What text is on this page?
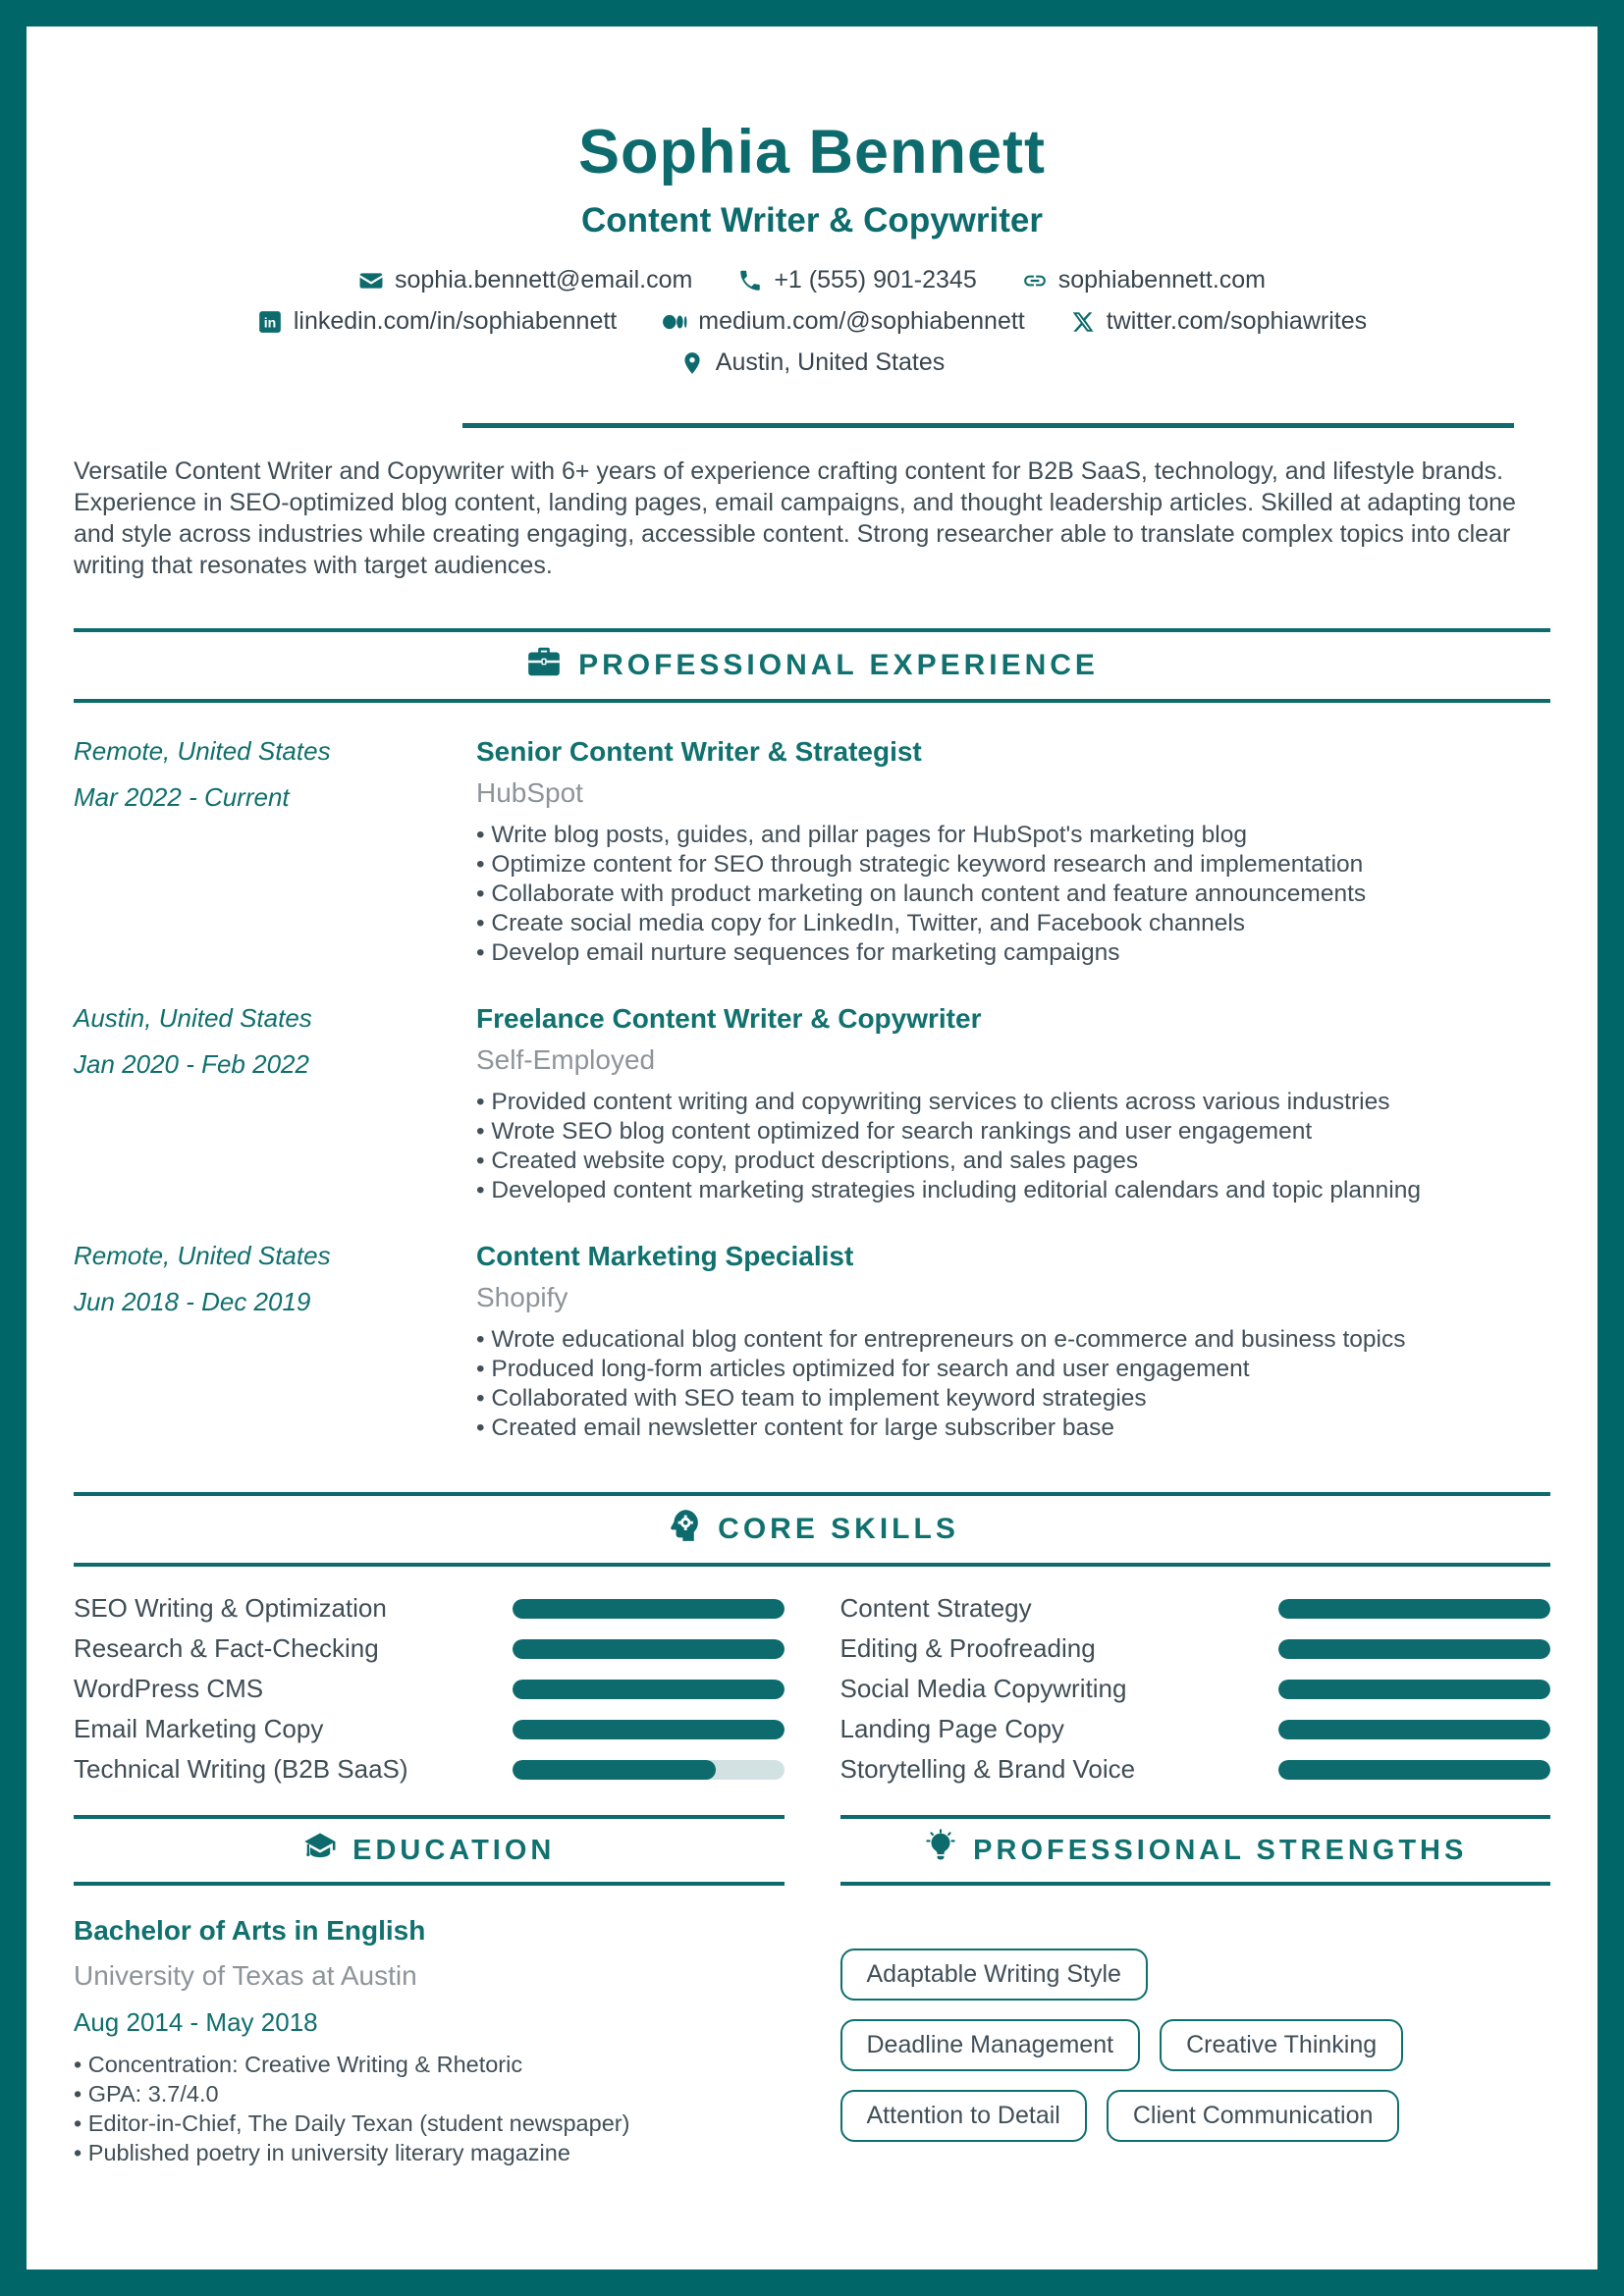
Sophia Bennett
Content Writer & Copywriter
sophia.bennett@email.com	+1 (555) 901-2345	sophiabennett.com
in linkedin.com/in/sophiabennett	medium.com/@sophiabennett	twitter.com/sophiawrites
Austin, United States

Versatile Content Writer and Copywriter with 6+ years of experience crafting content for B2B SaaS, technology, and lifestyle brands. Experience in SEO-optimized blog content, landing pages, email campaigns, and thought leadership articles. Skilled at adapting tone and style across industries while creating engaging, accessible content. Strong researcher able to translate complex topics into clear writing that resonates with target audiences.

PROFESSIONAL EXPERIENCE
Remote, United States
Mar 2022 - Current
Senior Content Writer & Strategist
HubSpot
• Write blog posts, guides, and pillar pages for HubSpot's marketing blog
• Optimize content for SEO through strategic keyword research and implementation
• Collaborate with product marketing on launch content and feature announcements
• Create social media copy for LinkedIn, Twitter, and Facebook channels
• Develop email nurture sequences for marketing campaigns
Austin, United States
Jan 2020 - Feb 2022
Freelance Content Writer & Copywriter
Self-Employed
• Provided content writing and copywriting services to clients across various industries
• Wrote SEO blog content optimized for search rankings and user engagement
• Created website copy, product descriptions, and sales pages
• Developed content marketing strategies including editorial calendars and topic planning
Remote, United States
Jun 2018 - Dec 2019
Content Marketing Specialist
Shopify
• Wrote educational blog content for entrepreneurs on e-commerce and business topics
• Produced long-form articles optimized for search and user engagement
• Collaborated with SEO team to implement keyword strategies
• Created email newsletter content for large subscriber base
CORE SKILLS
SEO Writing & Optimization
Research & Fact-Checking
WordPress CMS
Email Marketing Copy
Technical Writing (B2B SaaS)
Content Strategy
Editing & Proofreading
Social Media Copywriting
Landing Page Copy
Storytelling & Brand Voice
EDUCATION
Bachelor of Arts in English
University of Texas at Austin
Aug 2014 - May 2018
• Concentration: Creative Writing & Rhetoric
• GPA: 3.7/4.0
• Editor-in-Chief, The Daily Texan (student newspaper)
• Published poetry in university literary magazine
PROFESSIONAL STRENGTHS
Adaptable Writing Style
Deadline Management	Creative Thinking
Attention to Detail	Client Communication
